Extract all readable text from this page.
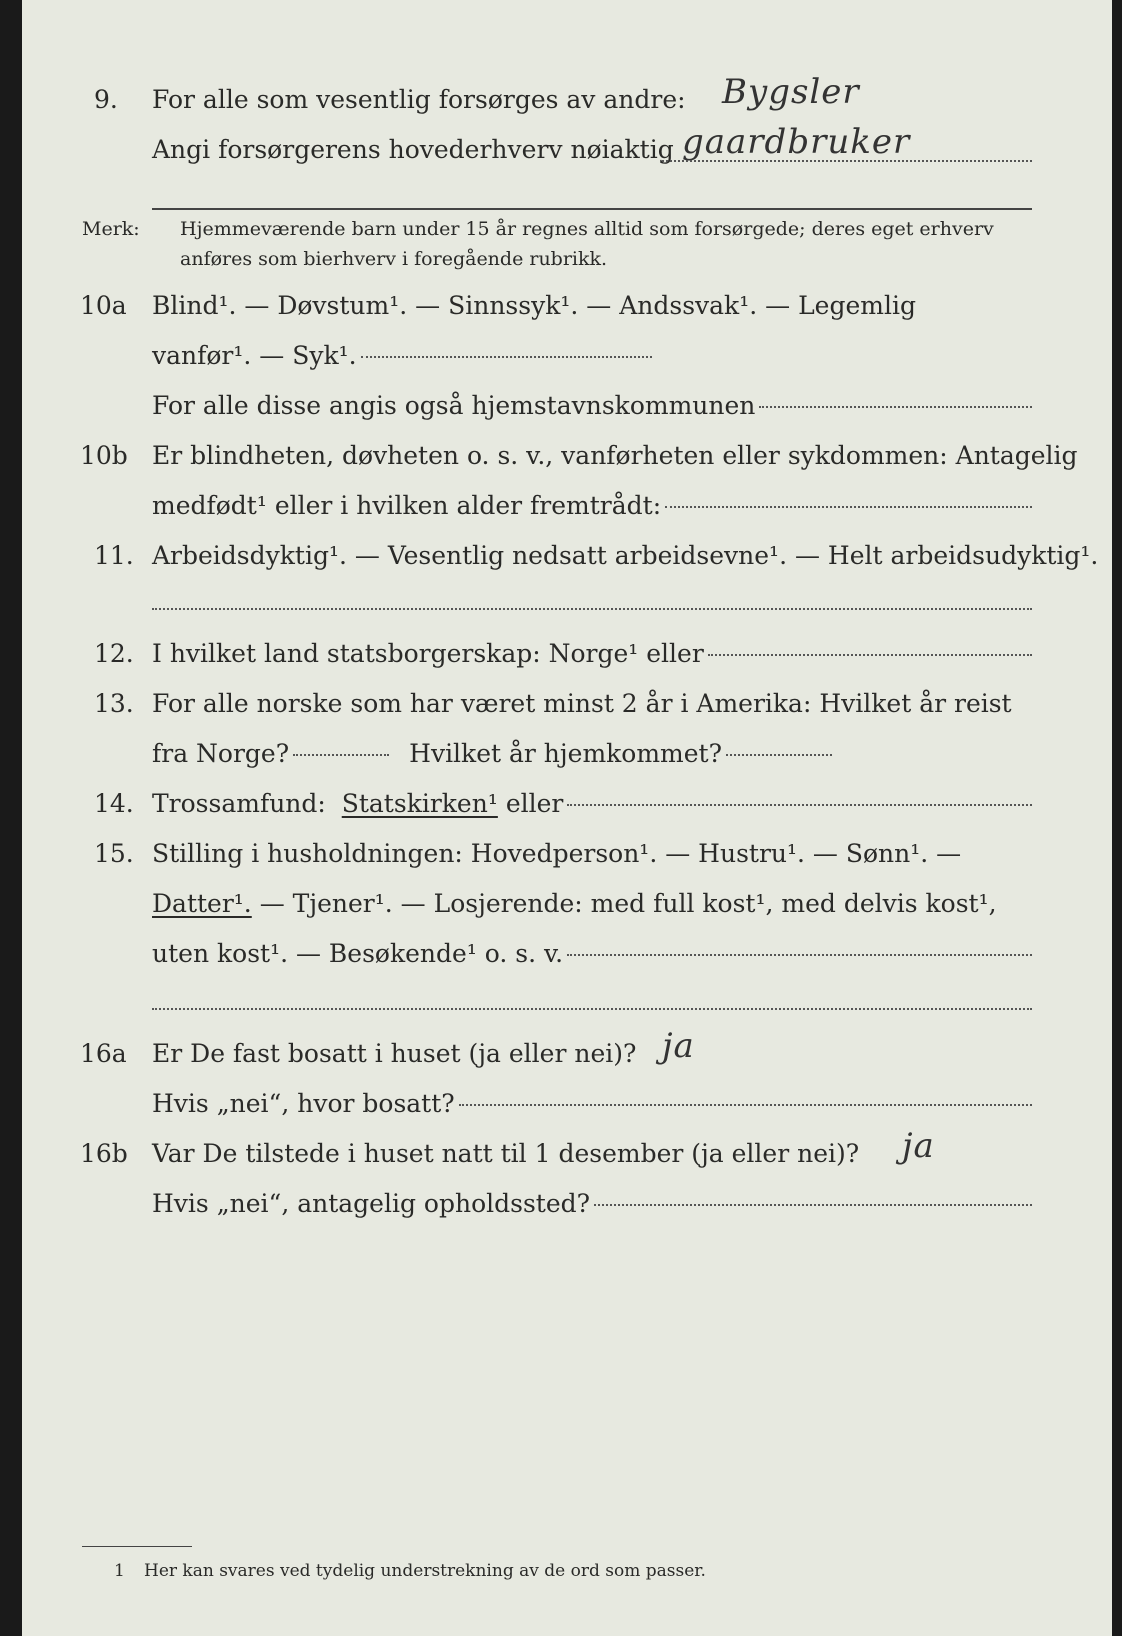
9. For alle som vesentlig forsørges av andre: Bygsler
Angi forsørgerens hovederhverv nøiaktig gaardbruker
Merk: Hjemmeværende barn under 15 år regnes alltid som forsørgede; deres eget erhverv
anføres som bierhverv i foregående rubrikk.
10a Blind¹. — Døvstum¹. — Sinnssyk¹. — Andssvak¹. — Legemlig
vanfør¹. — Syk¹.
For alle disse angis også hjemstavnskommunen
10b Er blindheten, døvheten o. s. v., vanførheten eller sykdommen: Antagelig
medfødt¹ eller i hvilken alder fremtrådt:
11. Arbeidsdyktig¹. — Vesentlig nedsatt arbeidsevne¹. — Helt arbeidsudyktig¹.
12. I hvilket land statsborgerskap: Norge¹ eller
13. For alle norske som har været minst 2 år i Amerika: Hvilket år reist
fra Norge?	Hvilket år hjemkommet?
14. Trossamfund:
Statskirken¹
eller
15. Stilling i husholdningen: Hovedperson¹. — Hustru¹. — Sønn¹. —
Datter¹.
— Tjener¹. — Losjerende: med full kost¹, med delvis kost¹,
uten kost¹. — Besøkende¹ o. s. v.
16a Er De fast bosatt i huset (ja eller nei)? ja
Hvis „nei“, hvor bosatt?
16b Var De tilstede i huset natt til 1 desember (ja eller nei)? ja
Hvis „nei“, antagelig opholdssted?
1 Her kan svares ved tydelig understrekning av de ord som passer.
